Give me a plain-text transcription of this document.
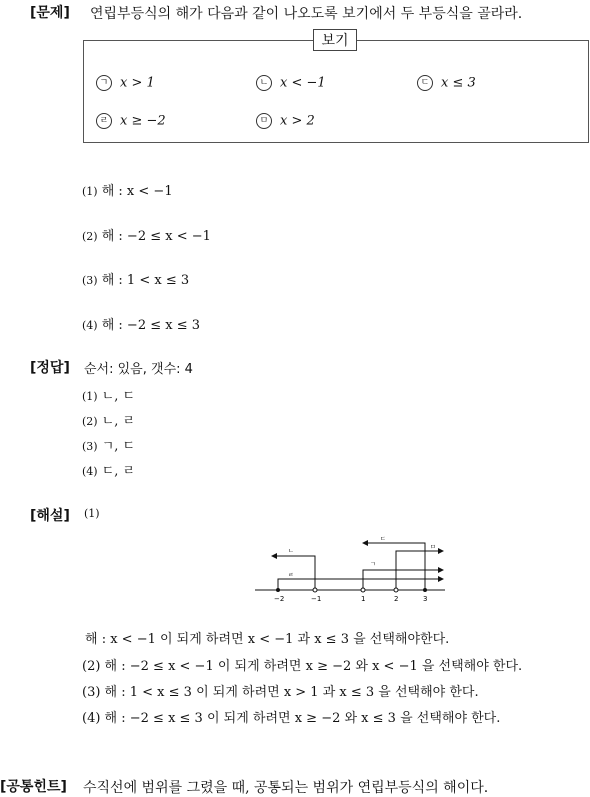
[문제] 연립부등식의 해가 다음과 같이 나오도록 보기에서 두 부등식을 골라라.
보기
ㄱ x > 1	ㄴ x < −1	ㄷ x ≤ 3
ㄹ x ≥ −2	ㅁ x > 2
(1) 해 : x < −1
(2) 해 : −2 ≤ x < −1
(3) 해 : 1 < x ≤ 3
(4) 해 : −2 ≤ x ≤ 3
[정답] 순서: 있음, 갯수: 4
(1) ㄴ, ㄷ
(2) ㄴ, ㄹ
(3) ㄱ, ㄷ
(4) ㄷ, ㄹ
[해설] (1)
ㄴ
ㄹ
ㄱ
ㅁ
ㄷ
−2	−1	1	2	3
해 : x < −1 이 되게 하려면 x < −1 과 x ≤ 3 을 선택해야한다.
(2) 해 : −2 ≤ x < −1 이 되게 하려면 x ≥ −2 와 x < −1 을 선택해야 한다.
(3) 해 : 1 < x ≤ 3 이 되게 하려면 x > 1 과 x ≤ 3 을 선택해야 한다.
(4) 해 : −2 ≤ x ≤ 3 이 되게 하려면 x ≥ −2 와 x ≤ 3 을 선택해야 한다.
[공통힌트] 수직선에 범위를 그렸을 때, 공통되는 범위가 연립부등식의 해이다.
